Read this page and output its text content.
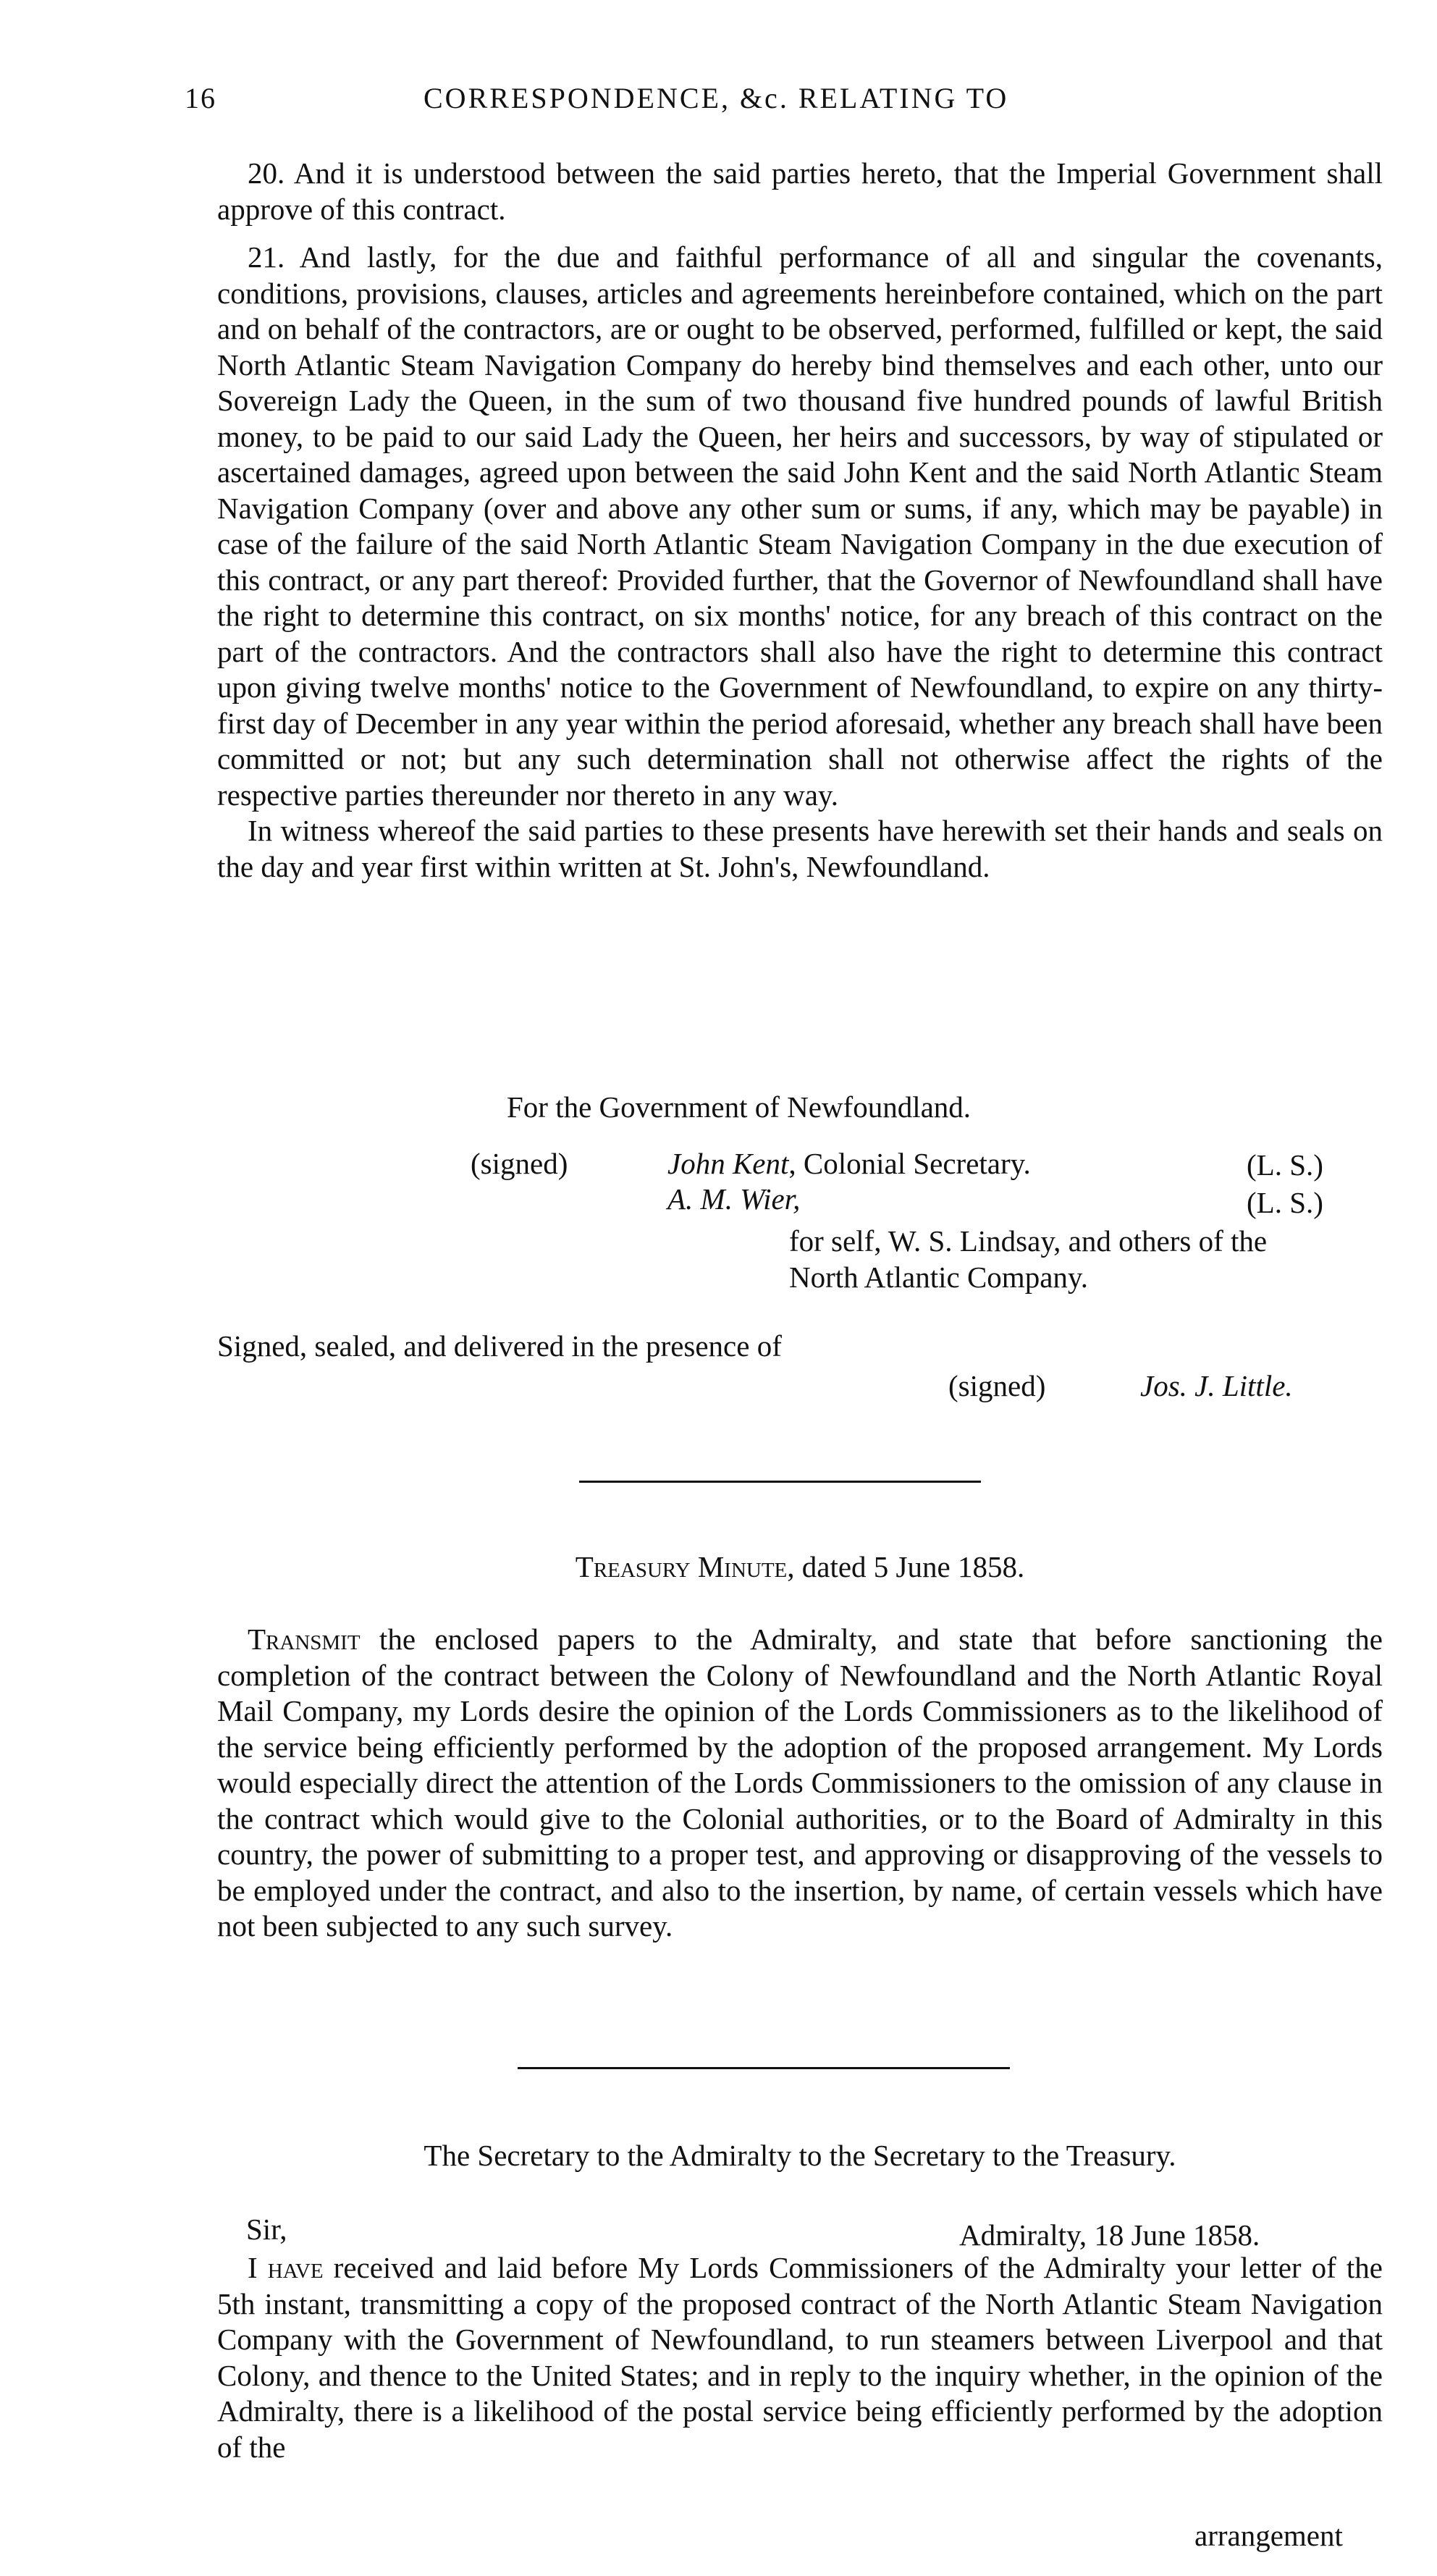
16	CORRESPONDENCE, &c. RELATING TO

20. And it is understood between the said parties hereto, that the Imperial Government shall approve of this contract.

21. And lastly, for the due and faithful performance of all and singular the covenants, conditions, provisions, clauses, articles and agreements hereinbefore contained, which on the part and on behalf of the contractors, are or ought to be observed, performed, fulfilled or kept, the said North Atlantic Steam Navigation Company do hereby bind themselves and each other, unto our Sovereign Lady the Queen, in the sum of two thousand five hundred pounds of lawful British money, to be paid to our said Lady the Queen, her heirs and successors, by way of stipulated or ascertained damages, agreed upon between the said John Kent and the said North Atlantic Steam Navigation Company (over and above any other sum or sums, if any, which may be payable) in case of the failure of the said North Atlantic Steam Navigation Company in the due execution of this contract, or any part thereof: Provided further, that the Governor of Newfoundland shall have the right to determine this contract, on six months' notice, for any breach of this contract on the part of the contractors. And the contractors shall also have the right to determine this contract upon giving twelve months' notice to the Government of Newfoundland, to expire on any thirty-first day of December in any year within the period aforesaid, whether any breach shall have been committed or not; but any such determination shall not otherwise affect the rights of the respective parties thereunder nor thereto in any way.

In witness whereof the said parties to these presents have herewith set their hands and seals on the day and year first within written at St. John's, Newfoundland.

For the Government of Newfoundland.
(signed)	John Kent, Colonial Secretary.	(L. S.)
A. M. Wier,	(L. S.)
for self, W. S. Lindsay, and others of the
North Atlantic Company.
Signed, sealed, and delivered in the presence of
(signed)	Jos. J. Little.
Treasury Minute, dated 5 June 1858.

Transmit the enclosed papers to the Admiralty, and state that before sanctioning the completion of the contract between the Colony of Newfoundland and the North Atlantic Royal Mail Company, my Lords desire the opinion of the Lords Commissioners as to the likelihood of the service being efficiently performed by the adoption of the proposed arrangement. My Lords would especially direct the attention of the Lords Commissioners to the omission of any clause in the contract which would give to the Colonial authorities, or to the Board of Admiralty in this country, the power of submitting to a proper test, and approving or disapproving of the vessels to be employed under the contract, and also to the insertion, by name, of certain vessels which have not been subjected to any such survey.

The Secretary to the Admiralty to the Secretary to the Treasury.
Sir,	Admiralty, 18 June 1858.

I have received and laid before My Lords Commissioners of the Admiralty your letter of the 5th instant, transmitting a copy of the proposed contract of the North Atlantic Steam Navigation Company with the Government of Newfoundland, to run steamers between Liverpool and that Colony, and thence to the United States; and in reply to the inquiry whether, in the opinion of the Admiralty, there is a likelihood of the postal service being efficiently performed by the adoption of the

arrangement
